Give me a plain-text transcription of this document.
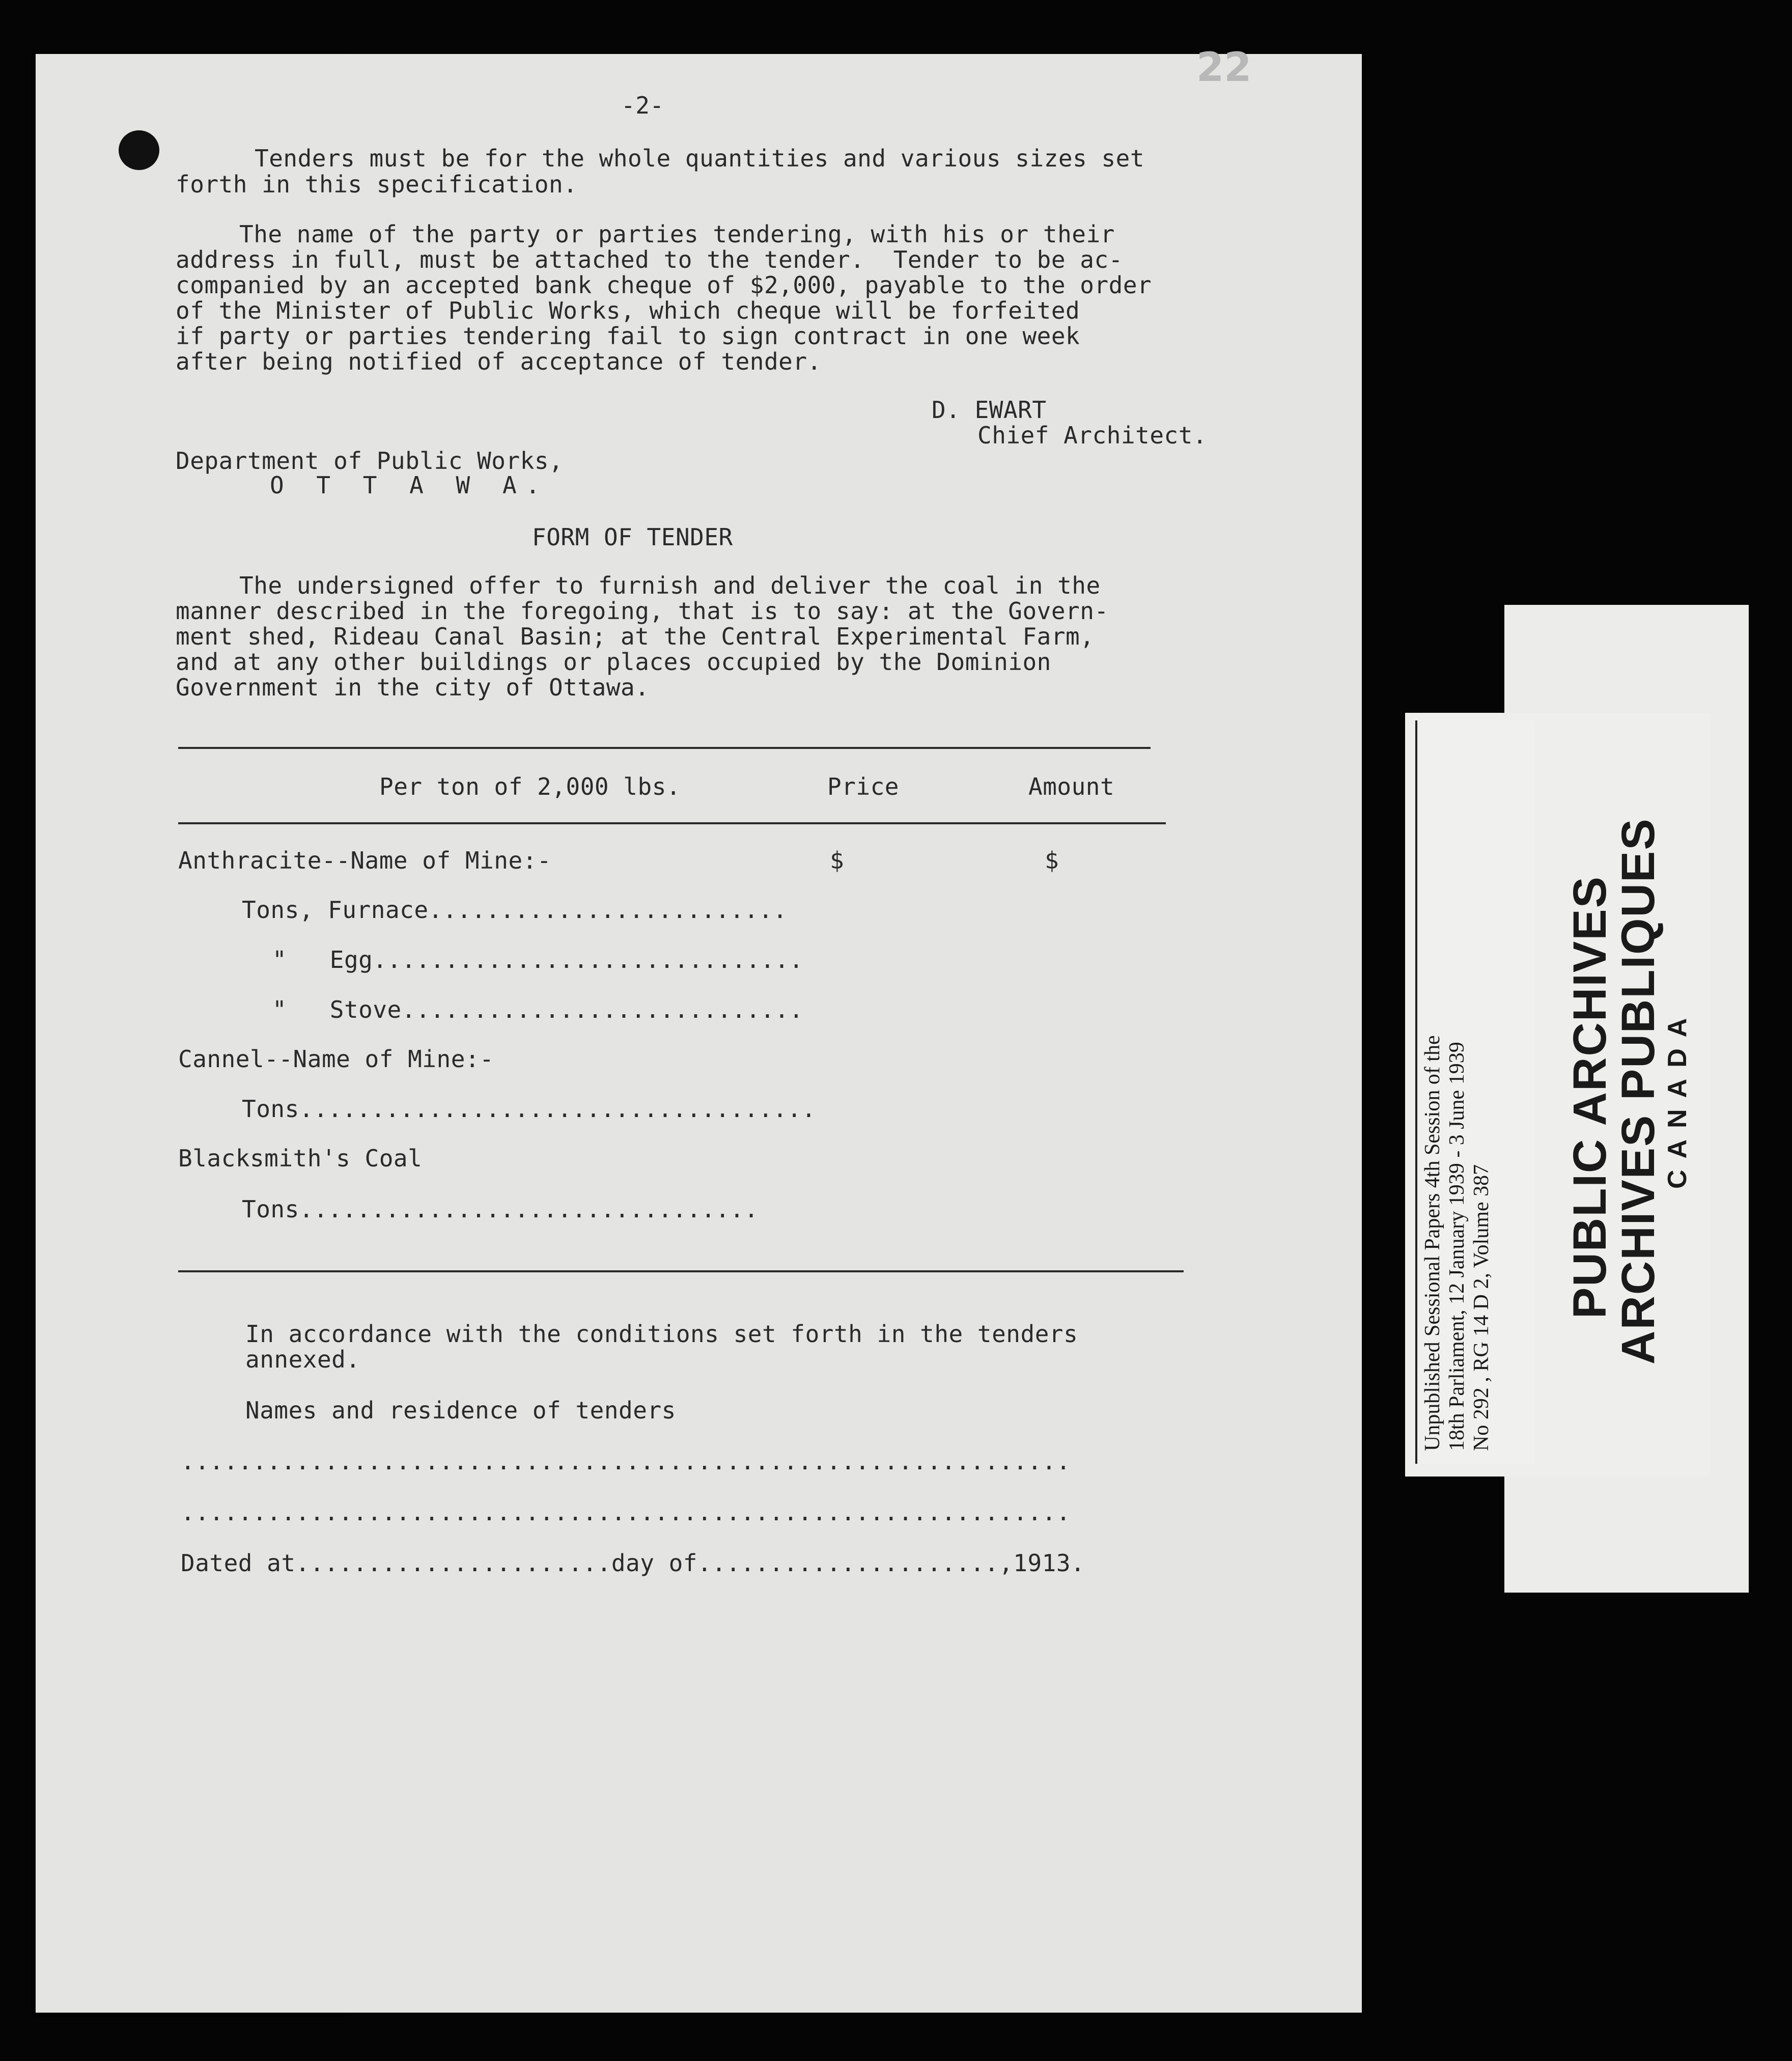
22
-2-
Tenders must be for the whole quantities and various sizes set
forth in this specification.
The name of the party or parties tendering, with his or their
address in full, must be attached to the tender.  Tender to be ac-
companied by an accepted bank cheque of $2,000, payable to the order
of the Minister of Public Works, which cheque will be forfeited
if party or parties tendering fail to sign contract in one week
after being notified of acceptance of tender.
D. EWART
Chief Architect.
Department of Public Works,
O T T A W A.
FORM OF TENDER
The undersigned offer to furnish and deliver the coal in the
manner described in the foregoing, that is to say: at the Govern-
ment shed, Rideau Canal Basin; at the Central Experimental Farm,
and at any other buildings or places occupied by the Dominion
Government in the city of Ottawa.
Per ton of 2,000 lbs.	Price	Amount
Anthracite--Name of Mine:-	$	$
Tons, Furnace.........................
"   Egg..............................
"   Stove............................
Cannel--Name of Mine:-
Tons....................................
Blacksmith's Coal
Tons................................
In accordance with the conditions set forth in the tenders
annexed.
Names and residence of tenders
..............................................................
..............................................................
Dated at......................day of.....................,1913.
Unpublished Sessional Papers 4th Session of the 18th Parliament, 12 January 1939 - 3 June 1939 No 292 , RG 14 D 2, Volume 387 PUBLIC ARCHIVES
ARCHIVES PUBLIQUES
CANADA
